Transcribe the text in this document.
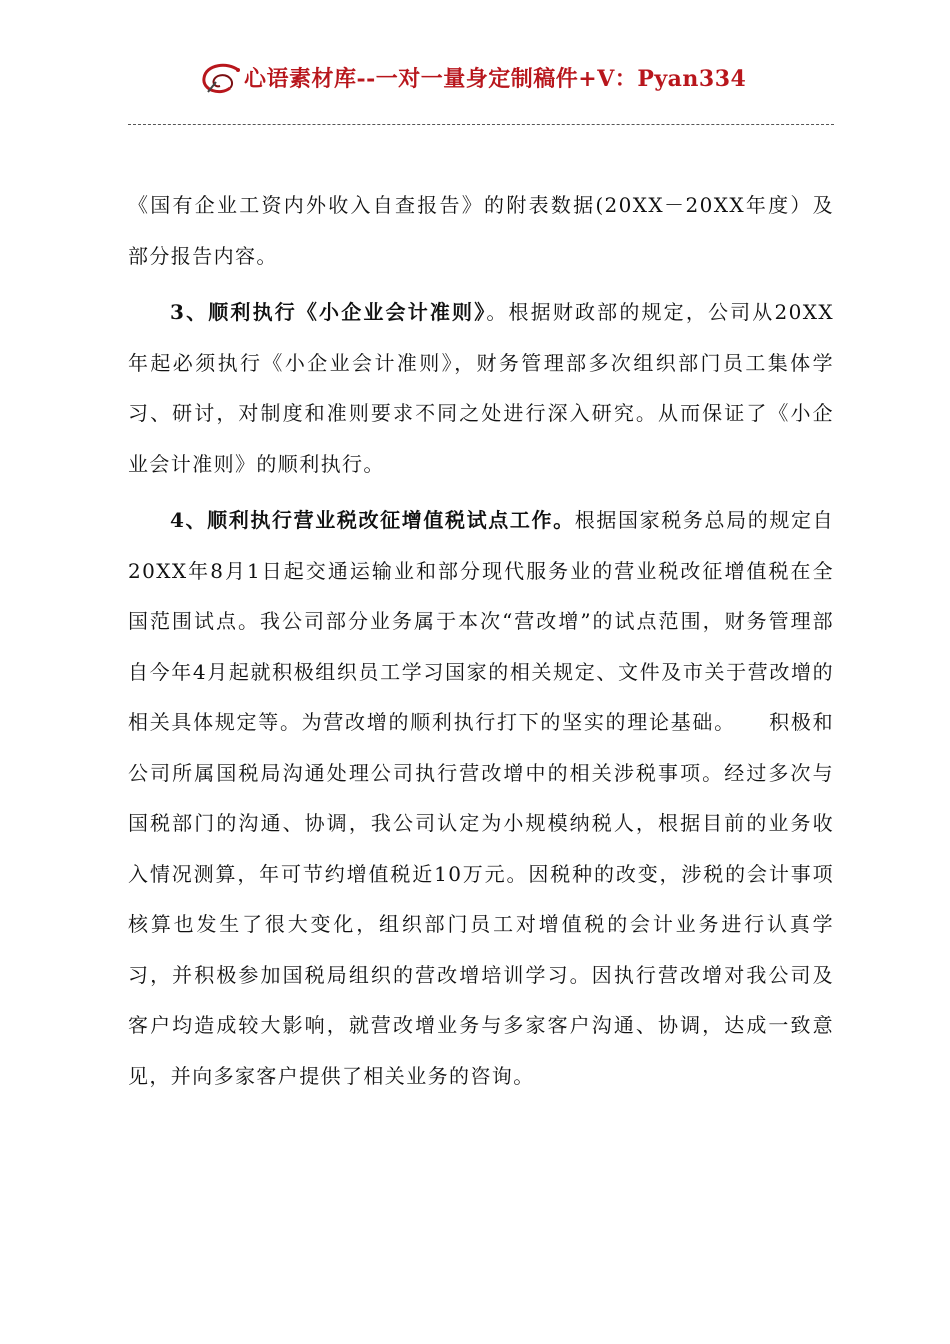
心语素材库--一对一量身定制稿件+V：Pyan334

《国有企业工资内外收入自查报告》的附表数据(20XX－20XX年度）及部分报告内容。

3、顺利执行《小企业会计准则》。根据财政部的规定，公司从20XX年起必须执行《小企业会计准则》，财务管理部多次组织部门员工集体学习、研讨，对制度和准则要求不同之处进行深入研究。从而保证了《小企业会计准则》的顺利执行。

4、顺利执行营业税改征增值税试点工作。根据国家税务总局的规定自20XX年8月1日起交通运输业和部分现代服务业的营业税改征增值税在全国范围试点。我公司部分业务属于本次“营改增”的试点范围，财务管理部自今年4月起就积极组织员工学习国家的相关规定、文件及市关于营改增的相关具体规定等。为营改增的顺利执行打下的坚实的理论基础。　　积极和公司所属国税局沟通处理公司执行营改增中的相关涉税事项。经过多次与国税部门的沟通、协调，我公司认定为小规模纳税人，根据目前的业务收入情况测算，年可节约增值税近10万元。因税种的改变，涉税的会计事项核算也发生了很大变化，组织部门员工对增值税的会计业务进行认真学习，并积极参加国税局组织的营改增培训学习。因执行营改增对我公司及客户均造成较大影响，就营改增业务与多家客户沟通、协调，达成一致意见，并向多家客户提供了相关业务的咨询。
